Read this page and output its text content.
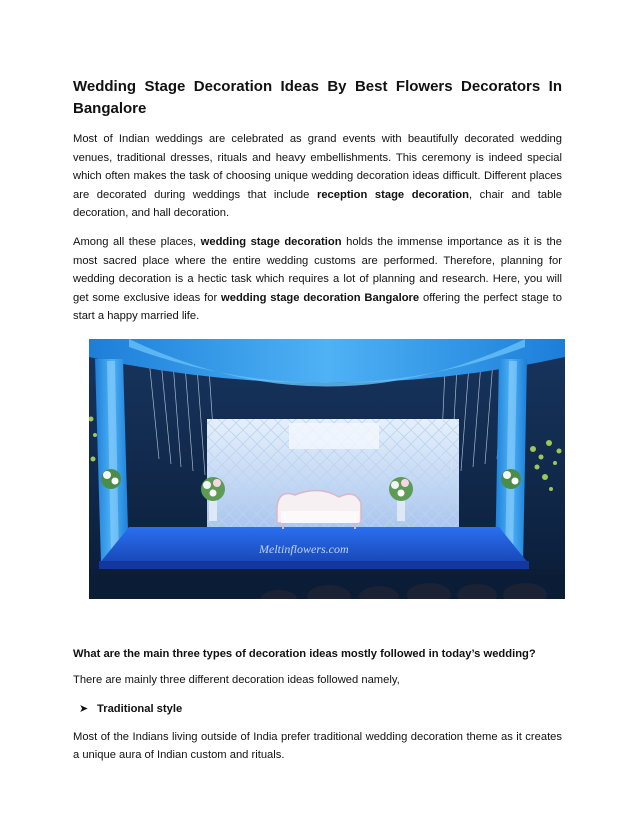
Wedding Stage Decoration Ideas By Best Flowers Decorators In Bangalore

Most of Indian weddings are celebrated as grand events with beautifully decorated wedding venues, traditional dresses, rituals and heavy embellishments. This ceremony is indeed special which often makes the task of choosing unique wedding decoration ideas difficult. Different places are decorated during weddings that include reception stage decoration, chair and table decoration, and hall decoration.

Among all these places, wedding stage decoration holds the immense importance as it is the most sacred place where the entire wedding customs are performed. Therefore, planning for wedding decoration is a hectic task which requires a lot of planning and research. Here, you will get some exclusive ideas for wedding stage decoration Bangalore offering the perfect stage to start a happy married life.

Meltinflowers.com

What are the main three types of decoration ideas mostly followed in today’s wedding?

There are mainly three different decoration ideas followed namely,

➤ Traditional style

Most of the Indians living outside of India prefer traditional wedding decoration theme as it creates a unique aura of Indian custom and rituals.
